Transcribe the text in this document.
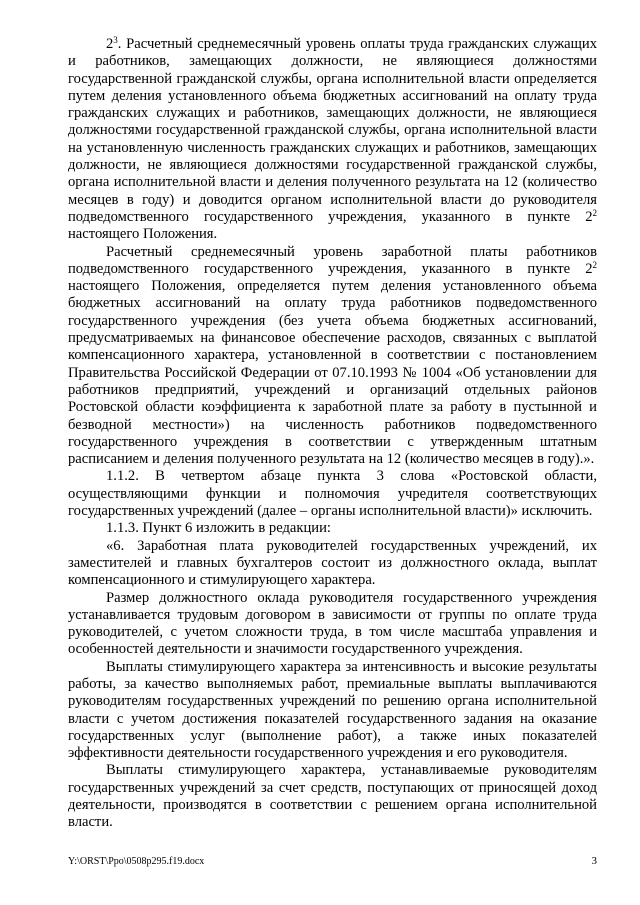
$2^3$. Расчетный среднемесячный уровень оплаты труда гражданских служащих и работников, замещающих должности, не являющиеся должностями государственной гражданской службы, органа исполнительной власти определяется путем деления установленного объема бюджетных ассигнований на оплату труда гражданских служащих и работников, замещающих должности, не являющиеся должностями государственной гражданской службы, органа исполнительной власти на установленную численность гражданских служащих и работников, замещающих должности, не являющиеся должностями государственной гражданской службы, органа исполнительной власти и деления полученного результата на 12 (количество месяцев в году) и доводится органом исполнительной власти до руководителя подведомственного государственного учреждения, указанного в пункте $2^2$ настоящего Положения.

Расчетный среднемесячный уровень заработной платы работников подведомственного государственного учреждения, указанного в пункте $2^2$ настоящего Положения, определяется путем деления установленного объема бюджетных ассигнований на оплату труда работников подведомственного государственного учреждения (без учета объема бюджетных ассигнований, предусматриваемых на финансовое обеспечение расходов, связанных с выплатой компенсационного характера, установленной в соответствии с постановлением Правительства Российской Федерации от 07.10.1993 № 1004 «Об установлении для работников предприятий, учреждений и организаций отдельных районов Ростовской области коэффициента к заработной плате за работу в пустынной и безводной местности») на численность работников подведомственного государственного учреждения в соответствии с утвержденным штатным расписанием и деления полученного результата на 12 (количество месяцев в году).».

1.1.2. В четвертом абзаце пункта 3 слова «Ростовской области, осуществляющими функции и полномочия учредителя соответствующих государственных учреждений (далее – органы исполнительной власти)» исключить.

1.1.3. Пункт 6 изложить в редакции:

«6. Заработная плата руководителей государственных учреждений, их заместителей и главных бухгалтеров состоит из должностного оклада, выплат компенсационного и стимулирующего характера.

Размер должностного оклада руководителя государственного учреждения устанавливается трудовым договором в зависимости от группы по оплате труда руководителей, с учетом сложности труда, в том числе масштаба управления и особенностей деятельности и значимости государственного учреждения.

Выплаты стимулирующего характера за интенсивность и высокие результаты работы, за качество выполняемых работ, премиальные выплаты выплачиваются руководителям государственных учреждений по решению органа исполнительной власти с учетом достижения показателей государственного задания на оказание государственных услуг (выполнение работ), а также иных показателей эффективности деятельности государственного учреждения и его руководителя.

Выплаты стимулирующего характера, устанавливаемые руководителям государственных учреждений за счет средств, поступающих от приносящей доход деятельности, производятся в соответствии с решением органа исполнительной власти.

Y:\ORST\Ppo\0508p295.f19.docx	3
